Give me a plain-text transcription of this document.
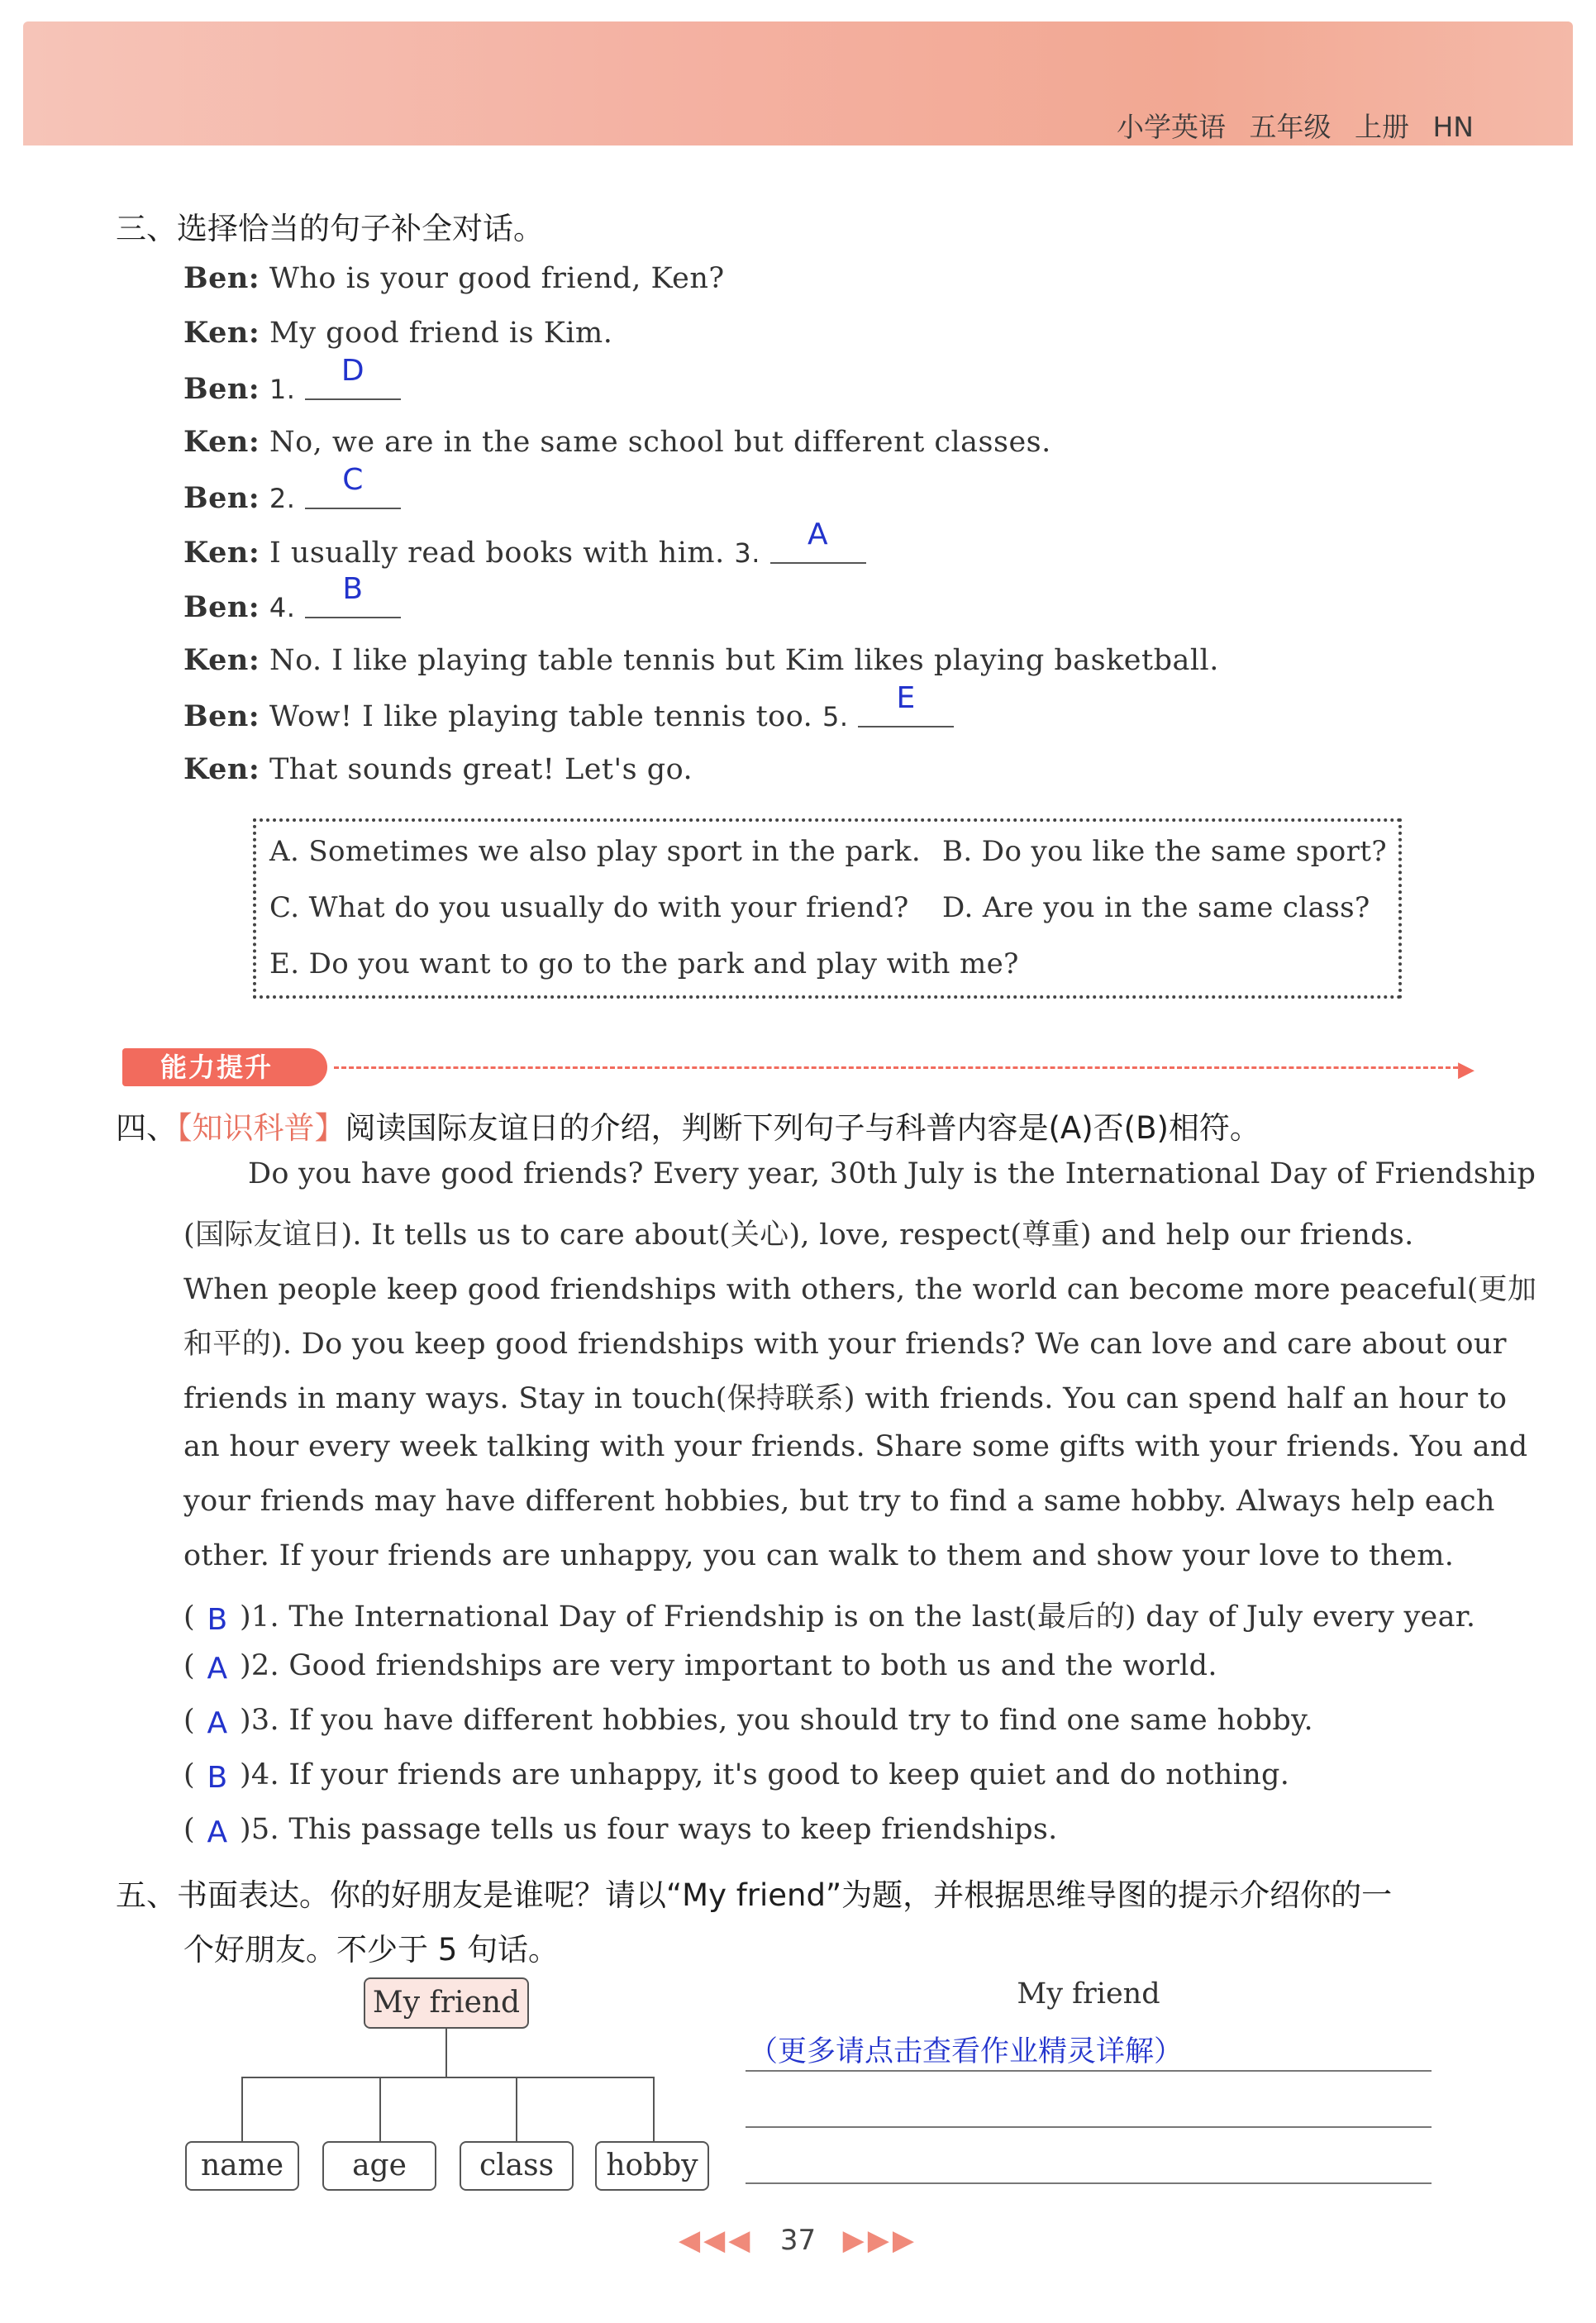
小学英语 五年级 上册 HN
三、选择恰当的句子补全对话。
Ben: Who is your good friend, Ken?
Ken: My good friend is Kim.
Ben: 1.
D
Ken: No, we are in the same school but different classes.
Ben: 2.
C
Ken: I usually read books with him. 3.
A
Ben: 4.
B
Ken: No. I like playing table tennis but Kim likes playing basketball.
Ben: Wow! I like playing table tennis too. 5.
E
Ken: That sounds great! Let's go.
A. Sometimes we also play sport in the park. B. Do you like the same sport?
C. What do you usually do with your friend? D. Are you in the same class?
E. Do you want to go to the park and play with me?
能力提升	▶
四、【知识科普】阅读国际友谊日的介绍，判断下列句子与科普内容是(A)否(B)相符。
Do you have good friends? Every year, 30th July is the International Day of Friendship
(国际友谊日). It tells us to care about(关心), love, respect(尊重) and help our friends.
When people keep good friendships with others, the world can become more peaceful(更加
和平的). Do you keep good friendships with your friends? We can love and care about our
friends in many ways. Stay in touch(保持联系) with friends. You can spend half an hour to
an hour every week talking with your friends. Share some gifts with your friends. You and
your friends may have different hobbies, but try to find a same hobby. Always help each
other. If your friends are unhappy, you can walk to them and show your love to them.
( B )1. The International Day of Friendship is on the last(最后的) day of July every year.
( A )2. Good friendships are very important to both us and the world.
( A )3. If you have different hobbies, you should try to find one same hobby.
( B )4. If your friends are unhappy, it's good to keep quiet and do nothing.
( A )5. This passage tells us four ways to keep friendships.
五、书面表达。你的好朋友是谁呢？请以“My friend”为题，并根据思维导图的提示介绍你的一
个好朋友。不少于 5 句话。
My friend
name	age	class	hobby
My friend
（更多请点击查看作业精灵详解）
◀◀◀ 37 ▶▶▶
